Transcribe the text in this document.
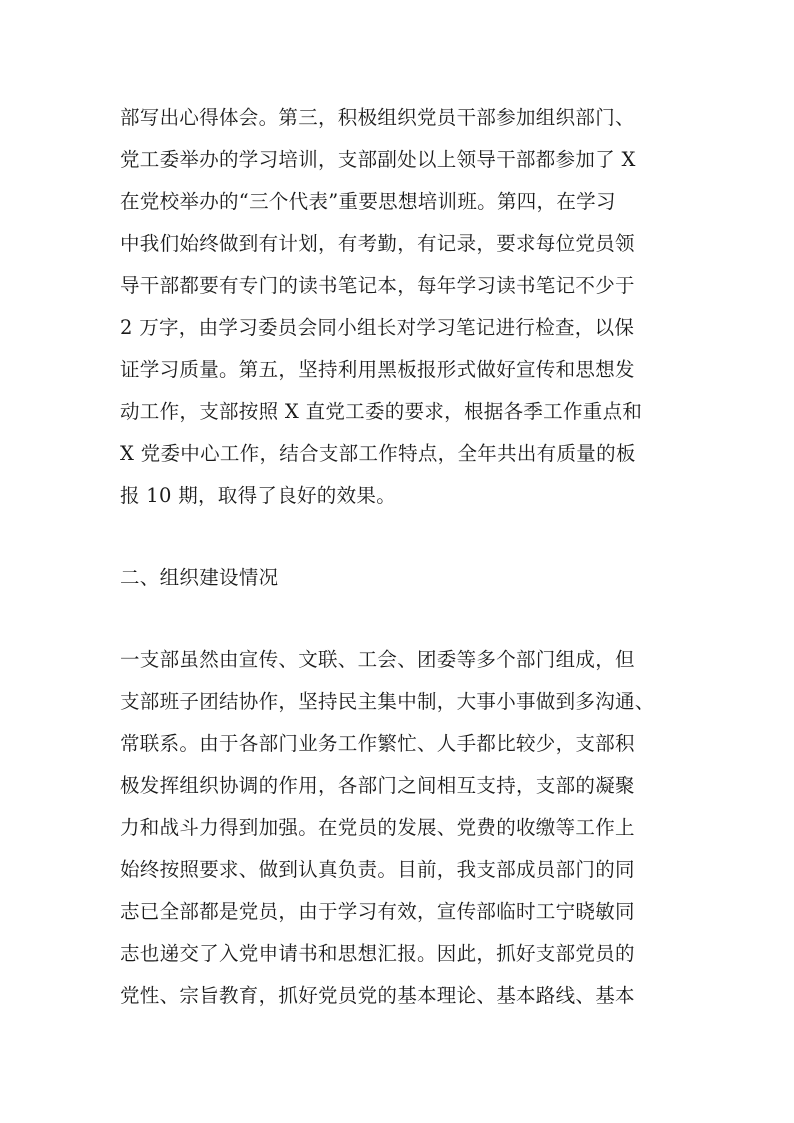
部写出心得体会。第三，积极组织党员干部参加组织部门、
党工委举办的学习培训，支部副处以上领导干部都参加了 X
在党校举办的“三个代表”重要思想培训班。第四，在学习
中我们始终做到有计划，有考勤，有记录，要求每位党员领
导干部都要有专门的读书笔记本，每年学习读书笔记不少于
2 万字，由学习委员会同小组长对学习笔记进行检查，以保
证学习质量。第五，坚持利用黑板报形式做好宣传和思想发
动工作，支部按照 X 直党工委的要求，根据各季工作重点和
X 党委中心工作，结合支部工作特点，全年共出有质量的板
报 10 期，取得了良好的效果。
二、组织建设情况
一支部虽然由宣传、文联、工会、团委等多个部门组成，但
支部班子团结协作，坚持民主集中制，大事小事做到多沟通、
常联系。由于各部门业务工作繁忙、人手都比较少，支部积
极发挥组织协调的作用，各部门之间相互支持，支部的凝聚
力和战斗力得到加强。在党员的发展、党费的收缴等工作上
始终按照要求、做到认真负责。目前，我支部成员部门的同
志已全部都是党员，由于学习有效，宣传部临时工宁晓敏同
志也递交了入党申请书和思想汇报。因此，抓好支部党员的
党性、宗旨教育，抓好党员党的基本理论、基本路线、基本
